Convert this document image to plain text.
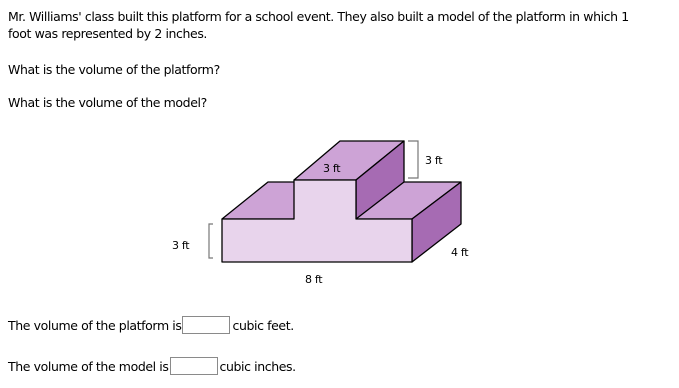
Mr. Williams' class built this platform for a school event. They also built a model of the platform in which 1
foot was represented by 2 inches.
What is the volume of the platform?
What is the volume of the model?
3 ft
3 ft
3 ft
4 ft
8 ft
The volume of the platform is	cubic feet.
The volume of the model is	cubic inches.
